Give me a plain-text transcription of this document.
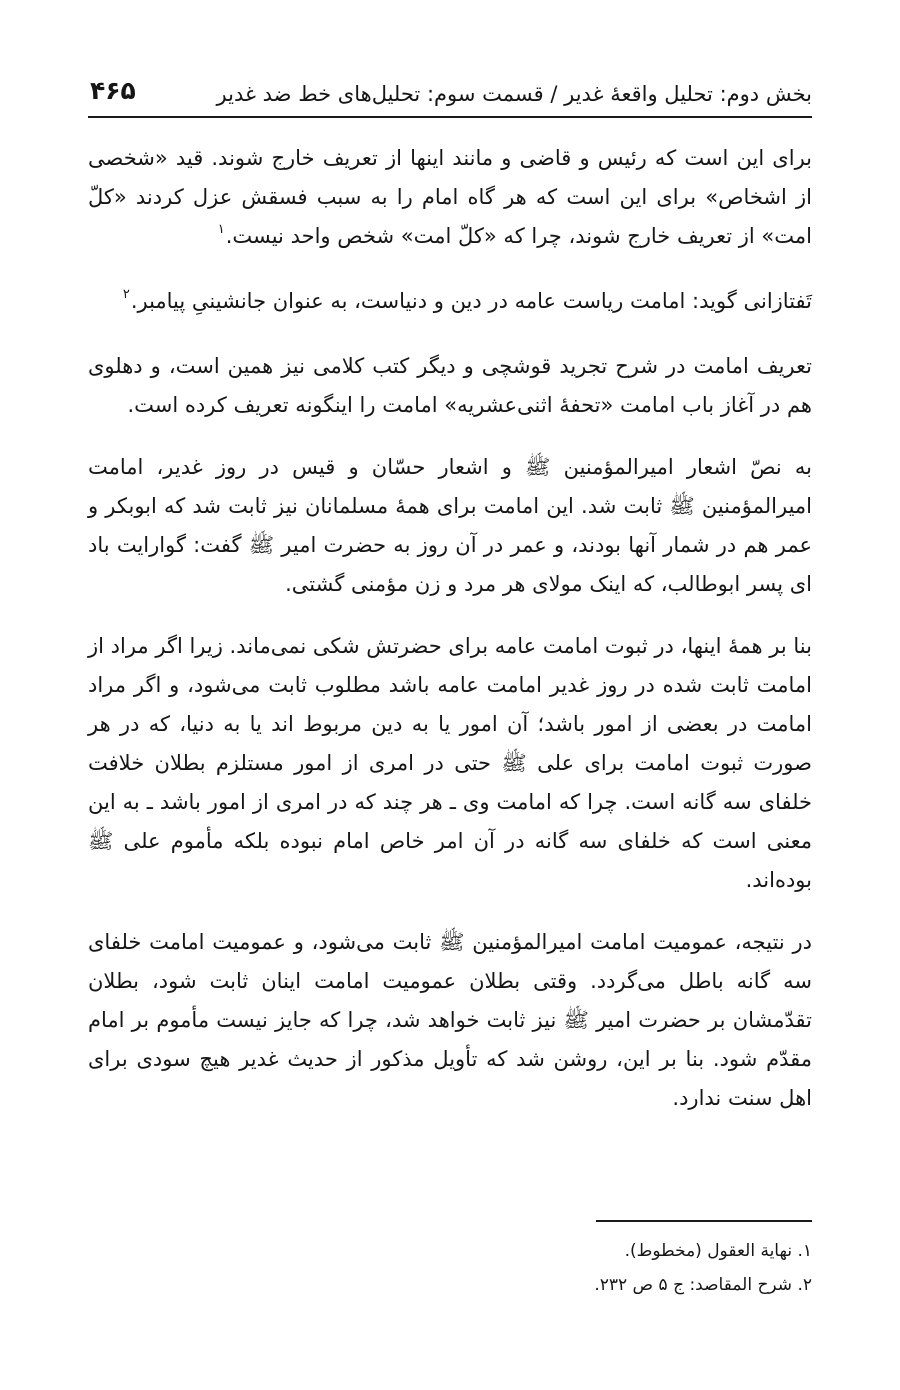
بخش دوم: تحلیل واقعهٔ غدیر / قسمت سوم: تحلیل‌های خط ضد غدیر
۴۶۵

برای این است که رئیس و قاضی و مانند اینها از تعریف خارج شوند. قید «شخصی از اشخاص» برای این است که هر گاه امام را به سبب فسقش عزل کردند «کلّ امت» از تعریف خارج شوند، چرا که «کلّ امت» شخص واحد نیست.$^۱$

تَفتازانی گوید: امامت ریاست عامه در دین و دنیاست، به عنوان جانشینیِ پیامبر.$^۲$

تعریف امامت در شرح تجرید قوشچی و دیگر کتب کلامی نیز همین است، و دهلوی هم در آغاز باب امامت «تحفهٔ اثنی‌عشریه» امامت را اینگونه تعریف کرده است.

به نصّ اشعار امیرالمؤمنین ﷺ و اشعار حسّان و قیس در روز غدیر، امامت امیرالمؤمنین ﷺ ثابت شد. این امامت برای همهٔ مسلمانان نیز ثابت شد که ابوبکر و عمر هم در شمار آنها بودند، و عمر در آن روز به حضرت امیر ﷺ گفت: گوارایت باد ای پسر ابوطالب، که اینک مولای هر مرد و زن مؤمنی گشتی.

بنا بر همهٔ اینها، در ثبوت امامت عامه برای حضرتش شکی نمی‌ماند. زیرا اگر مراد از امامت ثابت شده در روز غدیر امامت عامه باشد مطلوب ثابت می‌شود، و اگر مراد امامت در بعضی از امور باشد؛ آن امور یا به دین مربوط اند یا به دنیا، که در هر صورت ثبوت امامت برای علی ﷺ حتی در امری از امور مستلزم بطلان خلافت خلفای سه گانه است. چرا که امامت وی ـ هر چند که در امری از امور باشد ـ به این معنی است که خلفای سه گانه در آن امر خاص امام نبوده بلکه مأموم علی ﷺ بوده‌اند.

در نتیجه، عمومیت امامت امیرالمؤمنین ﷺ ثابت می‌شود، و عمومیت امامت خلفای سه گانه باطل می‌گردد. وقتی بطلان عمومیت امامت اینان ثابت شود، بطلان تقدّمشان بر حضرت امیر ﷺ نیز ثابت خواهد شد، چرا که جایز نیست مأموم بر امام مقدّم شود. بنا بر این، روشن شد که تأویل مذکور از حدیث غدیر هیچ سودی برای اهل سنت ندارد.

۱. نهایة العقول (مخطوط).
۲. شرح المقاصد: ج ۵ ص ۲۳۲.
